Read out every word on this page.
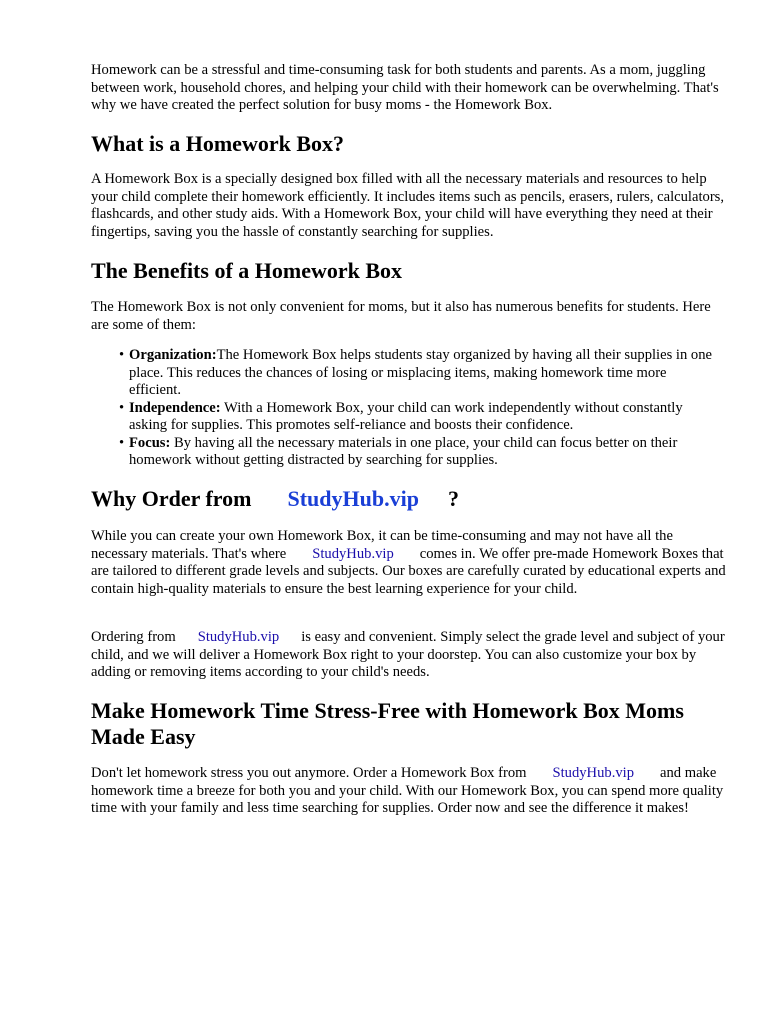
Homework can be a stressful and time-consuming task for both students and parents. As a mom, juggling between work, household chores, and helping your child with their homework can be overwhelming. That's why we have created the perfect solution for busy moms - the Homework Box.

What is a Homework Box?

A Homework Box is a specially designed box filled with all the necessary materials and resources to help your child complete their homework efficiently. It includes items such as pencils, erasers, rulers, calculators, flashcards, and other study aids. With a Homework Box, your child will have everything they need at their fingertips, saving you the hassle of constantly searching for supplies.

The Benefits of a Homework Box

The Homework Box is not only convenient for moms, but it also has numerous benefits for students. Here are some of them:

• Organization:The Homework Box helps students stay organized by having all their supplies in one place. This reduces the chances of losing or misplacing items, making homework time more efficient.
• Independence: With a Homework Box, your child can work independently without constantly asking for supplies. This promotes self-reliance and boosts their confidence.
• Focus: By having all the necessary materials in one place, your child can focus better on their homework without getting distracted by searching for supplies.
Why Order from StudyHub.vip ?

While you can create your own Homework Box, it can be time-consuming and may not have all the necessary materials. That's where StudyHub.vip comes in. We offer pre-made Homework Boxes that are tailored to different grade levels and subjects. Our boxes are carefully curated by educational experts and contain high-quality materials to ensure the best learning experience for your child.

Ordering from StudyHub.vip is easy and convenient. Simply select the grade level and subject of your child, and we will deliver a Homework Box right to your doorstep. You can also customize your box by adding or removing items according to your child's needs.

Make Homework Time Stress-Free with Homework Box Moms Made Easy

Don't let homework stress you out anymore. Order a Homework Box from StudyHub.vip and make homework time a breeze for both you and your child. With our Homework Box, you can spend more quality time with your family and less time searching for supplies. Order now and see the difference it makes!
